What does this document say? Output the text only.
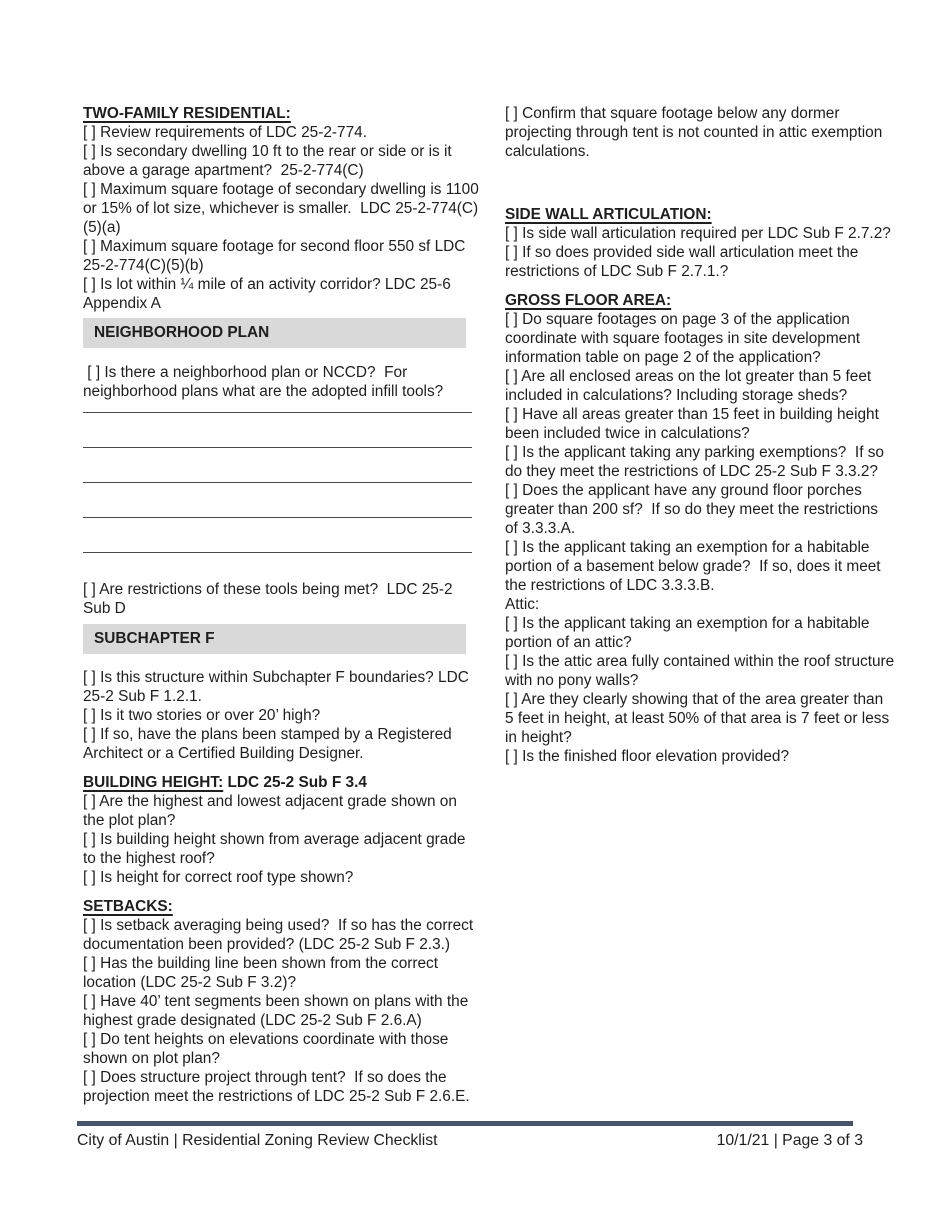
TWO-FAMILY RESIDENTIAL:
[ ] Review requirements of LDC 25-2-774.
[ ] Is secondary dwelling 10 ft to the rear or side or is it above a garage apartment?  25-2-774(C)
[ ] Maximum square footage of secondary dwelling is 1100 or 15% of lot size, whichever is smaller.  LDC 25-2-774(C)(5)(a)
[ ] Maximum square footage for second floor 550 sf LDC 25-2-774(C)(5)(b)
[ ] Is lot within ¼ mile of an activity corridor? LDC 25-6 Appendix A
NEIGHBORHOOD PLAN
[ ] Is there a neighborhood plan or NCCD?  For neighborhood plans what are the adopted infill tools?
[ ] Are restrictions of these tools being met?  LDC 25-2 Sub D
SUBCHAPTER F
[ ] Is this structure within Subchapter F boundaries? LDC 25-2 Sub F 1.2.1.
[ ] Is it two stories or over 20’ high?
[ ] If so, have the plans been stamped by a Registered Architect or a Certified Building Designer.
BUILDING HEIGHT: LDC 25-2 Sub F 3.4
[ ] Are the highest and lowest adjacent grade shown on the plot plan?
[ ] Is building height shown from average adjacent grade to the highest roof?
[ ] Is height for correct roof type shown?
SETBACKS:
[ ] Is setback averaging being used?  If so has the correct documentation been provided? (LDC 25-2 Sub F 2.3.)
[ ] Has the building line been shown from the correct location (LDC 25-2 Sub F 3.2)?
[ ] Have 40’ tent segments been shown on plans with the highest grade designated (LDC 25-2 Sub F 2.6.A)
[ ] Do tent heights on elevations coordinate with those shown on plot plan?
[ ] Does structure project through tent?  If so does the projection meet the restrictions of LDC 25-2 Sub F 2.6.E.
[ ] Confirm that square footage below any dormer projecting through tent is not counted in attic exemption calculations.
SIDE WALL ARTICULATION:
[ ] Is side wall articulation required per LDC Sub F 2.7.2?
[ ] If so does provided side wall articulation meet the restrictions of LDC Sub F 2.7.1.?
GROSS FLOOR AREA:
[ ] Do square footages on page 3 of the application coordinate with square footages in site development information table on page 2 of the application?
[ ] Are all enclosed areas on the lot greater than 5 feet included in calculations? Including storage sheds?
[ ] Have all areas greater than 15 feet in building height been included twice in calculations?
[ ] Is the applicant taking any parking exemptions?  If so do they meet the restrictions of LDC 25-2 Sub F 3.3.2?
[ ] Does the applicant have any ground floor porches greater than 200 sf?  If so do they meet the restrictions of 3.3.3.A.
[ ] Is the applicant taking an exemption for a habitable portion of a basement below grade?  If so, does it meet the restrictions of LDC 3.3.3.B.
Attic:
[ ] Is the applicant taking an exemption for a habitable portion of an attic?
[ ] Is the attic area fully contained within the roof structure with no pony walls?
[ ] Are they clearly showing that of the area greater than 5 feet in height, at least 50% of that area is 7 feet or less in height?
[ ] Is the finished floor elevation provided?
City of Austin | Residential Zoning Review Checklist	10/1/21 | Page 3 of 3
